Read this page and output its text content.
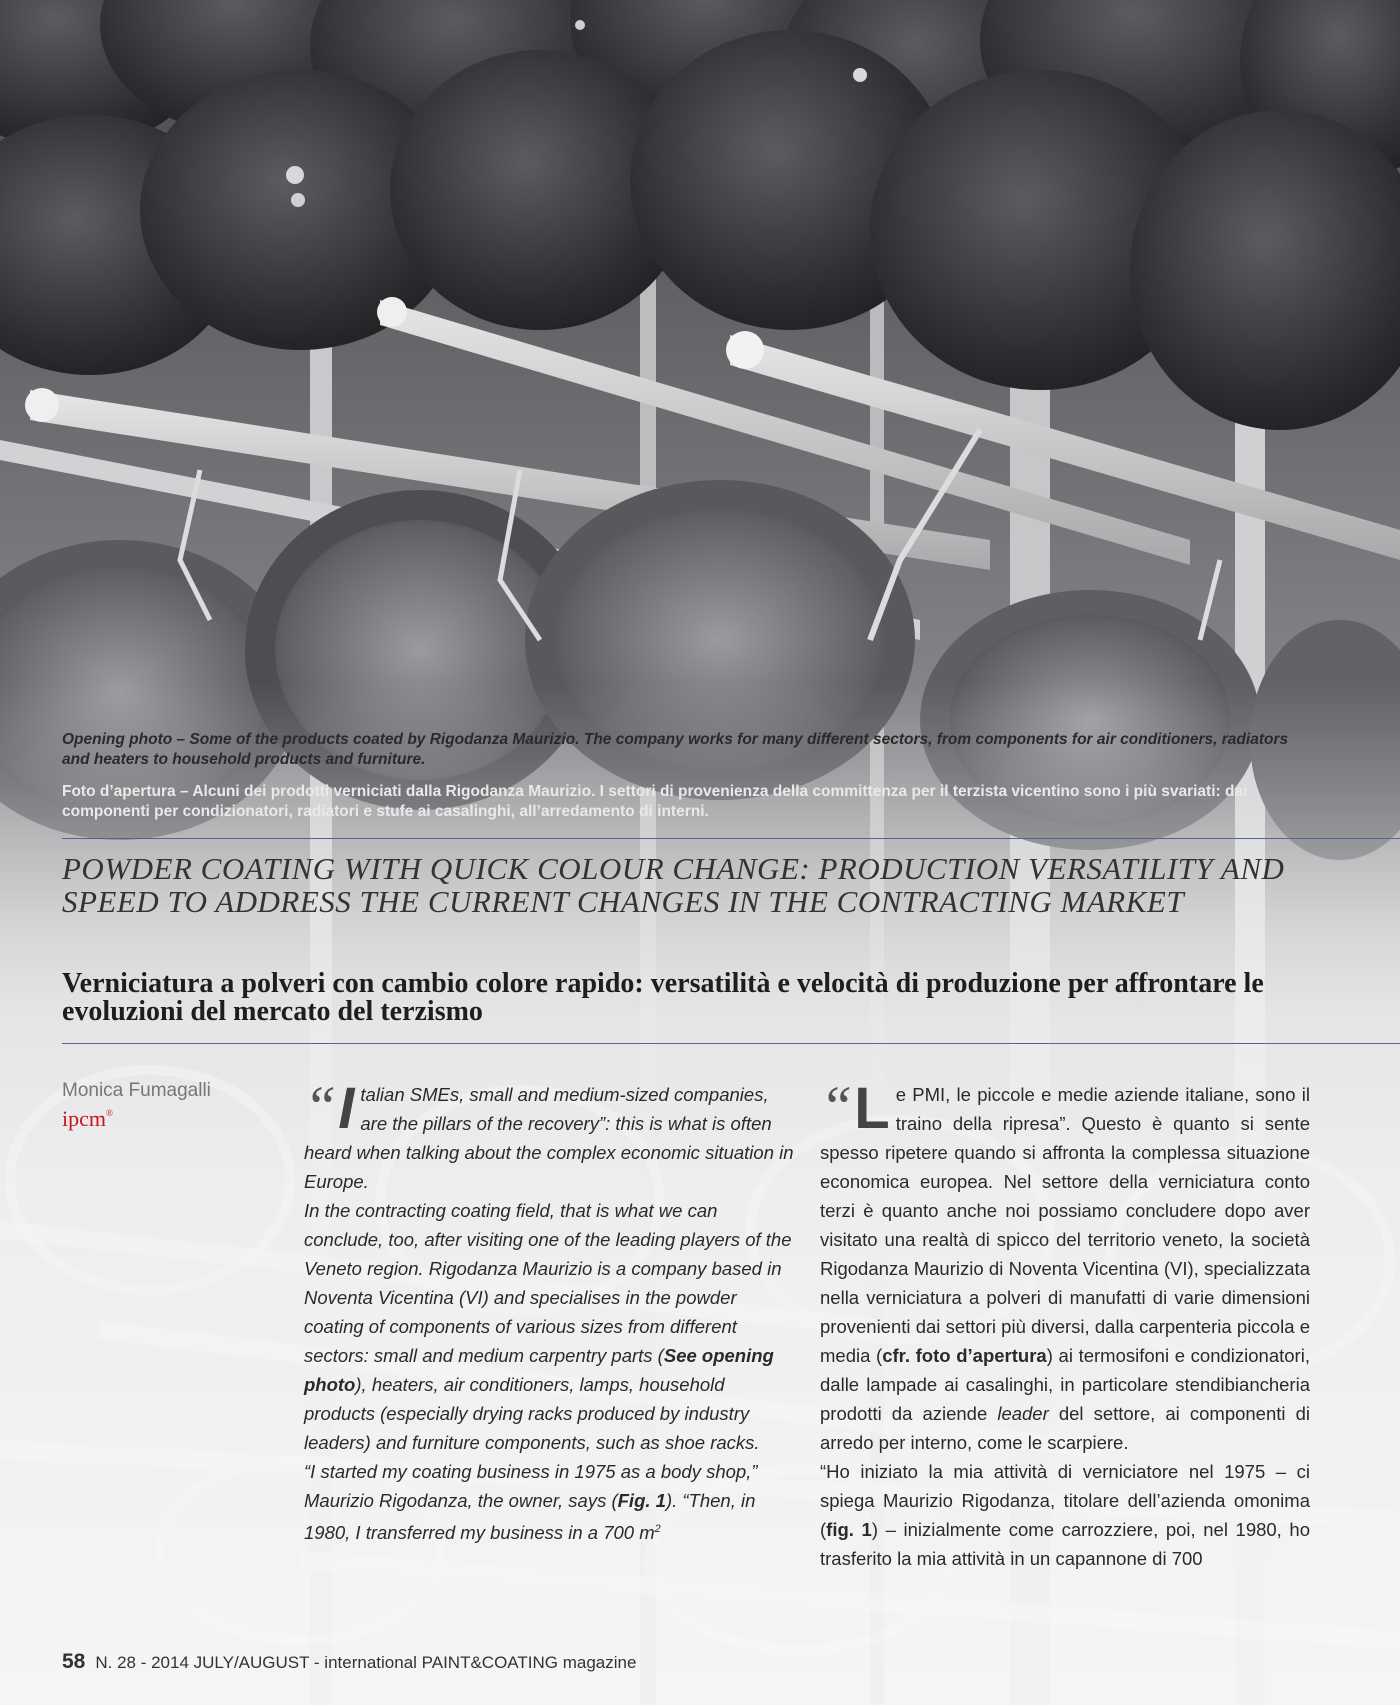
Opening photo – Some of the products coated by Rigodanza Maurizio. The company works for many different sectors, from components for air conditioners, radiators and heaters to household products and furniture.
Foto d’apertura – Alcuni dei prodotti verniciati dalla Rigodanza Maurizio. I settori di provenienza della committenza per il terzista vicentino sono i più svariati: dai componenti per condizionatori, radiatori e stufe ai casalinghi, all’arredamento di interni.
POWDER COATING WITH QUICK COLOUR CHANGE: PRODUCTION VERSATILITY AND SPEED TO ADDRESS THE CURRENT CHANGES IN THE CONTRACTING MARKET
Verniciatura a polveri con cambio colore rapido: versatilità e velocità di produzione per affrontare le evoluzioni del mercato del terzismo
Monica Fumagalli
ipcm®	“ I talian SMEs, small and medium-sized companies, are the pillars of the recovery”: this is what is often heard when talking about the complex economic situation in Europe.

In the contracting coating field, that is what we can conclude, too, after visiting one of the leading players of the Veneto region. Rigodanza Maurizio is a company based in Noventa Vicentina (VI) and specialises in the powder coating of components of various sizes from different sectors: small and medium carpentry parts (See opening photo), heaters, air conditioners, lamps, household products (especially drying racks produced by industry leaders) and furniture components, such as shoe racks.

“I started my coating business in 1975 as a body shop,” Maurizio Rigodanza, the owner, says (Fig. 1). “Then, in 1980, I transferred my business in a 700 $m^2$

“ L e PMI, le piccole e medie aziende italiane, sono il traino della ripresa”. Questo è quanto si sente spesso ripetere quando si affronta la complessa situazione economica europea. Nel settore della verniciatura conto terzi è quanto anche noi possiamo concludere dopo aver visitato una realtà di spicco del territorio veneto, la società Rigodanza Maurizio di Noventa Vicentina (VI), specializzata nella verniciatura a polveri di manufatti di varie dimensioni provenienti dai settori più diversi, dalla carpenteria piccola e media (cfr. foto d’apertura) ai termosifoni e condizionatori, dalle lampade ai casalinghi, in particolare stendibiancheria prodotti da aziende leader del settore, ai componenti di arredo per interno, come le scarpiere.

“Ho iniziato la mia attività di verniciatore nel 1975 – ci spiega Maurizio Rigodanza, titolare dell’azienda omonima (fig. 1) – inizialmente come carrozziere, poi, nel 1980, ho trasferito la mia attività in un capannone di 700

58 N. 28 - 2014 JULY/AUGUST - international PAINT&COATING magazine
